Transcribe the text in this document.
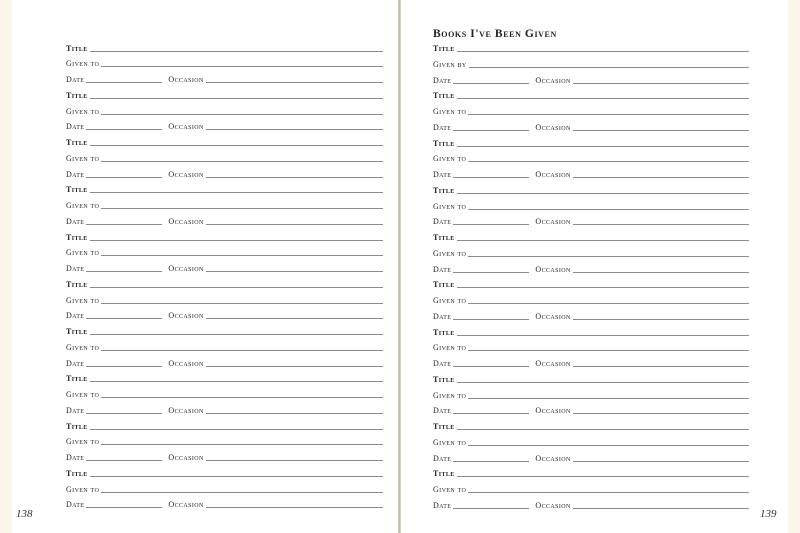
Title
Given to
Date	Occasion
Title
Given to
Date	Occasion
Title
Given to
Date	Occasion
Title
Given to
Date	Occasion
Title
Given to
Date	Occasion
Title
Given to
Date	Occasion
Title
Given to
Date	Occasion
Title
Given to
Date	Occasion
Title
Given to
Date	Occasion
Title
Given to
Date	Occasion
Books I've Been Given
Title
Given by
Date	Occasion
Title
Given to
Date	Occasion
Title
Given to
Date	Occasion
Title
Given to
Date	Occasion
Title
Given to
Date	Occasion
Title
Given to
Date	Occasion
Title
Given to
Date	Occasion
Title
Given to
Date	Occasion
Title
Given to
Date	Occasion
Title
Given to
Date	Occasion
138	139
